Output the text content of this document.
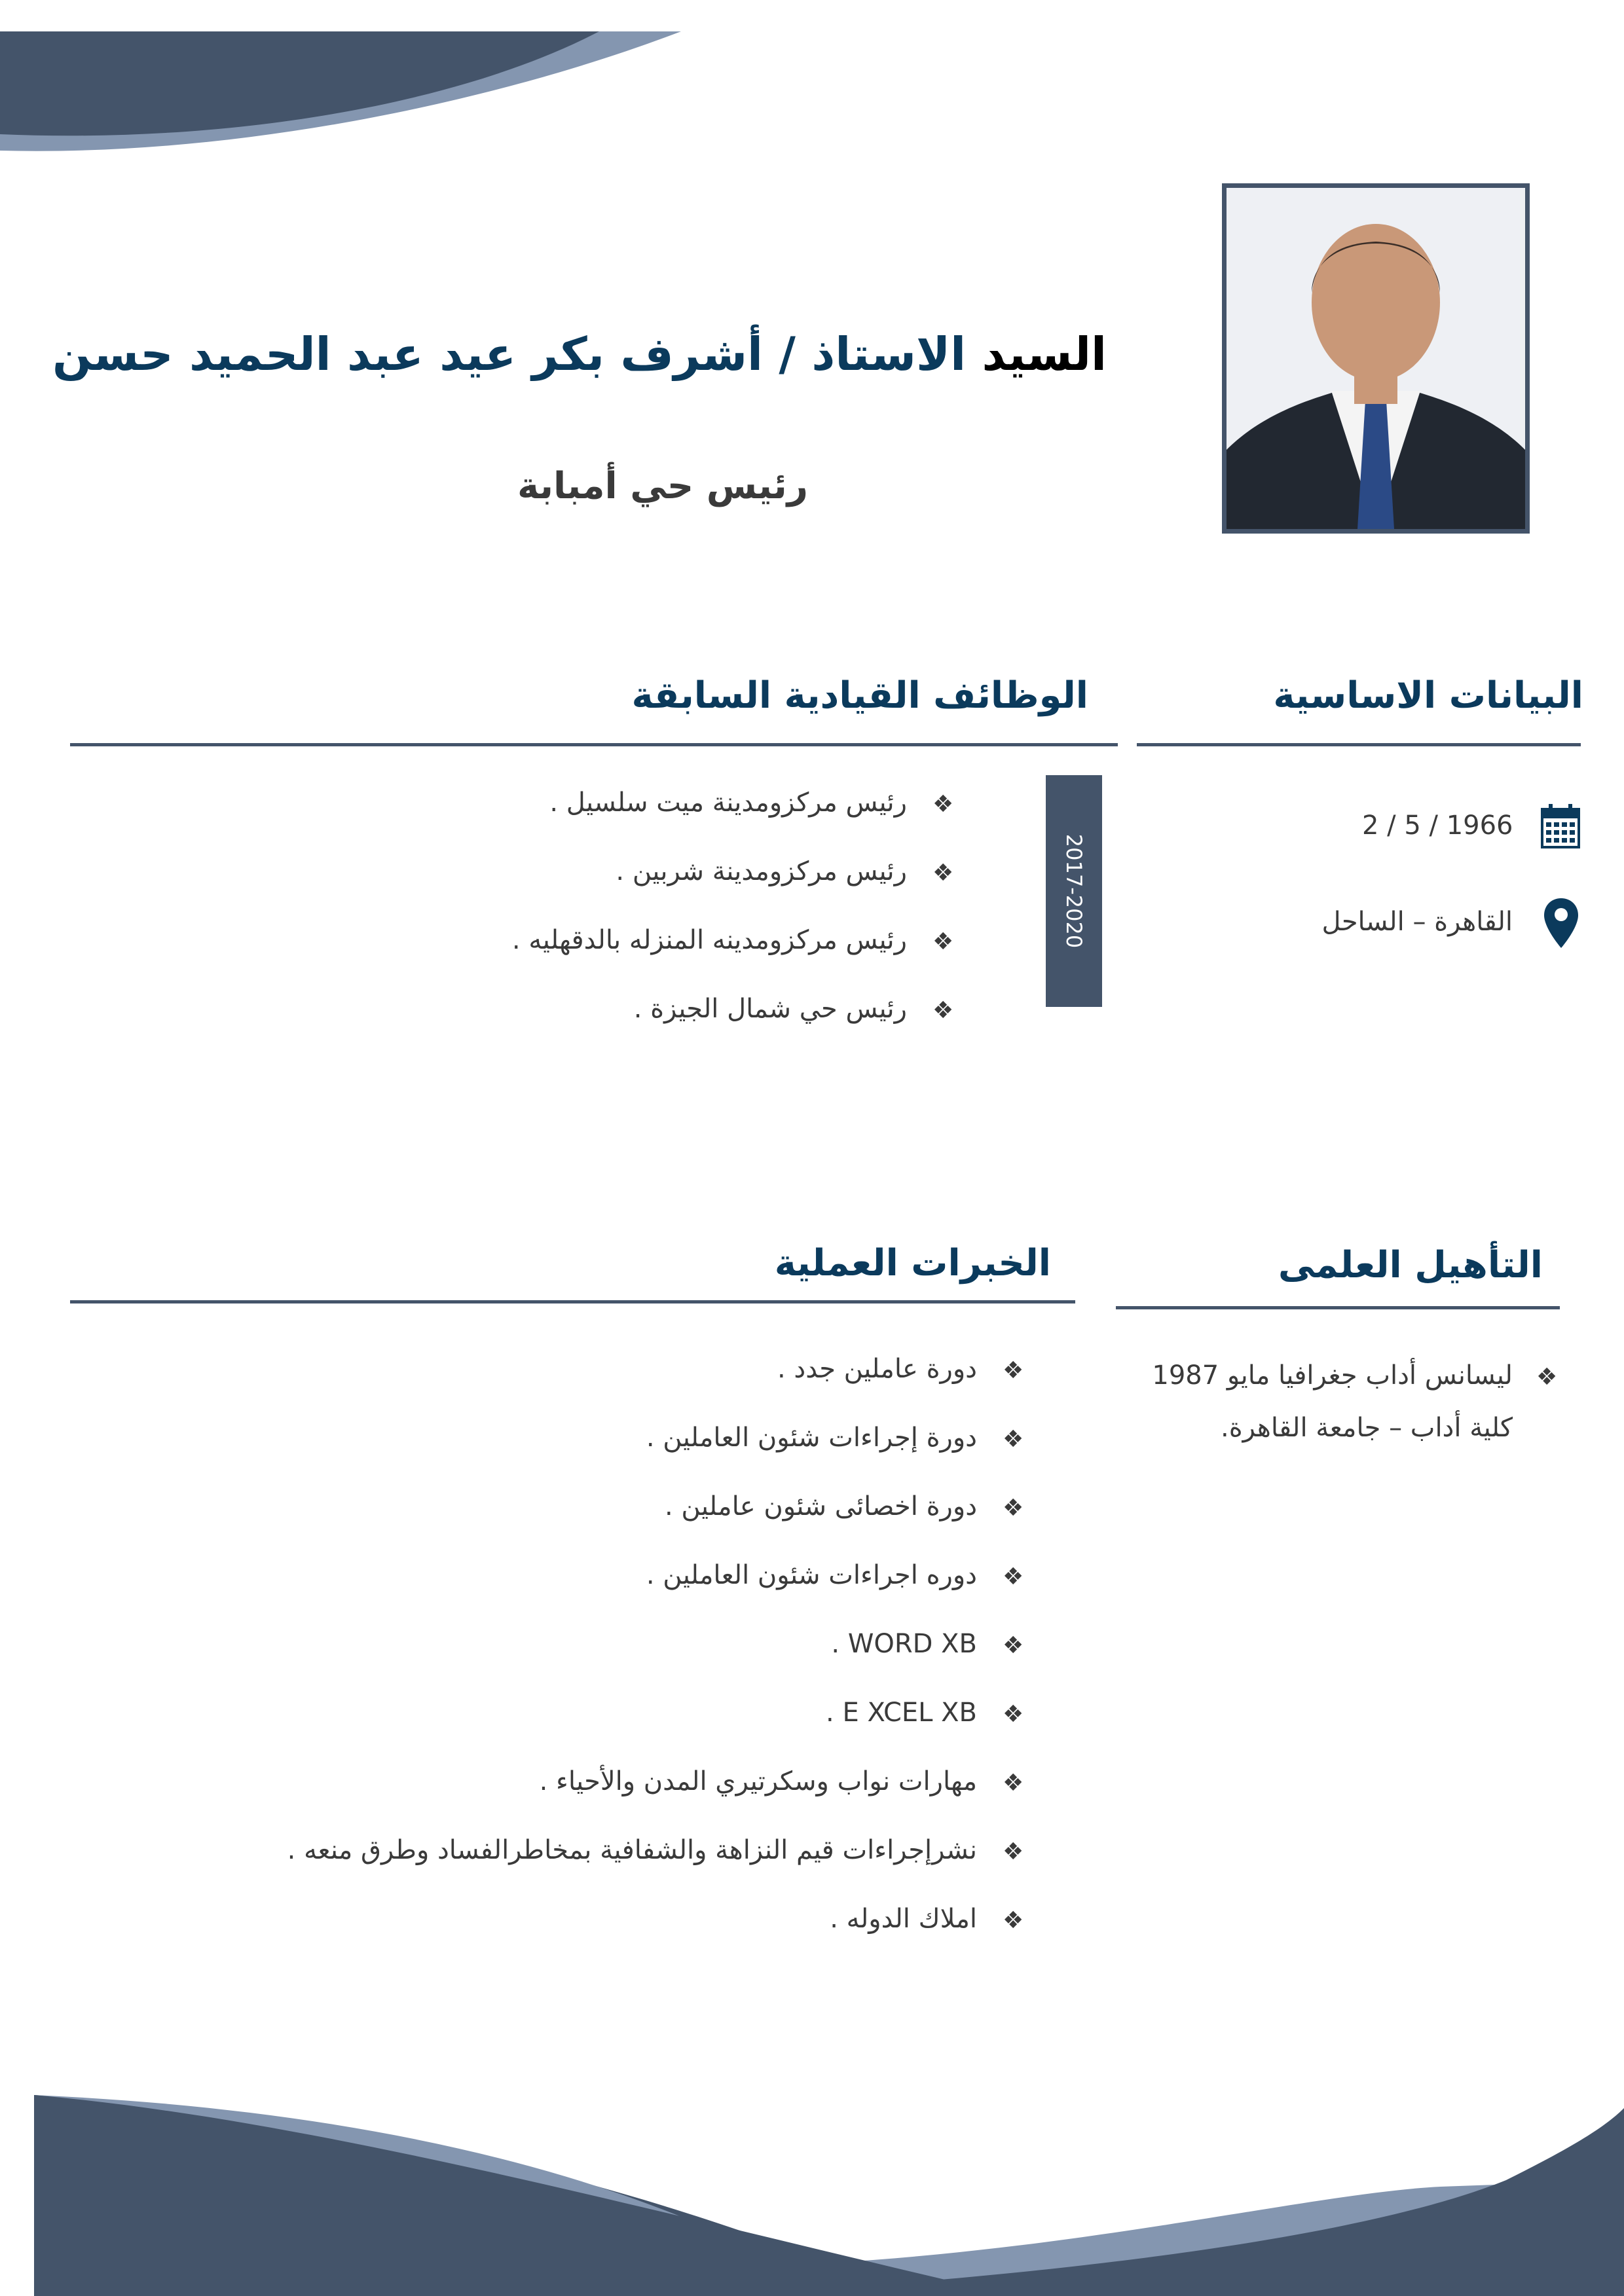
السيد الاستاذ / أشرف بكر عيد عبد الحميد حسن
رئيس حي أمبابة
البيانات الاساسية
2 / 5 / 1966
القاهرة – الساحل
الوظائف القيادية السابقة
2017-2020
❖
رئيس مركزومدينة ميت سلسيل .
❖
رئيس مركزومدينة شربين .
❖
رئيس مركزومدينه المنزله بالدقهليه .
❖
رئيس حي شمال الجيزة .
التأهيل العلمى
❖
ليسانس أداب جغرافيا مايو 1987
كلية أداب – جامعة القاهرة.
الخبرات العملية
❖
دورة عاملين جدد .
❖
دورة إجراءات شئون العاملين .
❖
دورة اخصائى شئون عاملين .
❖
دوره اجراءات شئون العاملين .
❖
WORD XB .
❖
E XCEL XB .
❖
مهارات نواب وسكرتيري المدن والأحياء .
❖
نشرإجراءات قيم النزاهة والشفافية بمخاطرالفساد وطرق منعه .
❖
املاك الدوله .
